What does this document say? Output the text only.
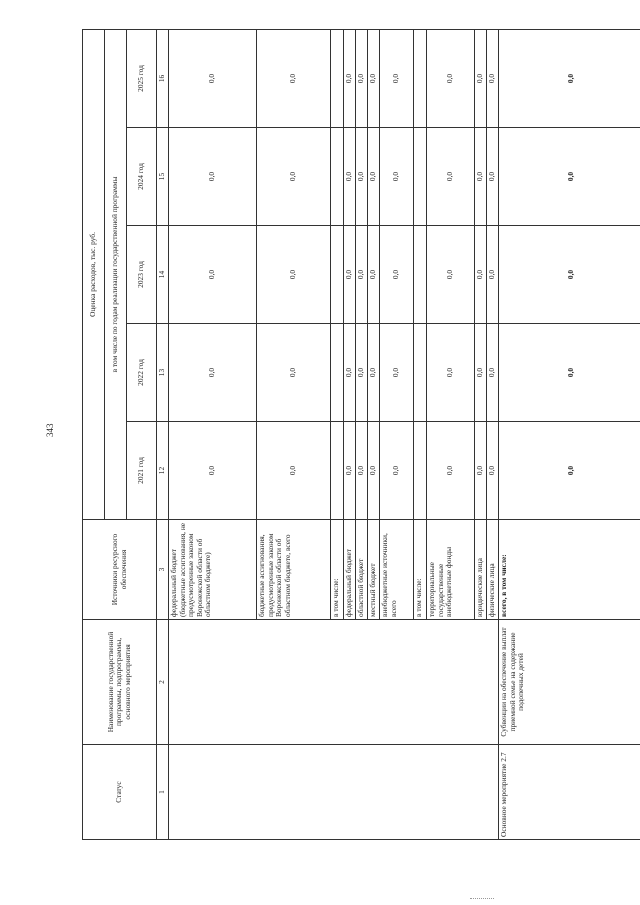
343
Статус	Наименование государственной программы, подпрограммы, основного мероприятия	Источники ресурсного обеспечения	Оценка расходов, тыс. руб.				
			в том числе по годам реализации государственной программы				
			2021 год	2022 год	2023 год	2024 год	2025 год
1	2	3	12	13	14	15	16
		федеральный бюджет (бюджетные ассигнования, не предусмотренные законом Воронежской области об областном бюджете)	0,0	0,0	0,0	0,0	0,0
		бюджетные ассигнования, предусмотренные законом Воронежской области об областном бюджете, всего	0,0	0,0	0,0	0,0	0,0
		в том числе:					
		федеральный бюджет	0,0	0,0	0,0	0,0	0,0
		областной бюджет	0,0	0,0	0,0	0,0	0,0
		местный бюджет	0,0	0,0	0,0	0,0	0,0
		внебюджетные источники, всего	0,0	0,0	0,0	0,0	0,0
		в том числе:					
		территориальные государственные внебюджетные фонды	0,0	0,0	0,0	0,0	0,0
		юридические лица	0,0	0,0	0,0	0,0	0,0
		физические лица	0,0	0,0	0,0	0,0	0,0
Основное мероприятие 2.7	Субвенции на обеспечение выплат приемной семье на содержание подопечных детей	всего, в том числе:	0,0	0,0	0,0	0,0	0,0
